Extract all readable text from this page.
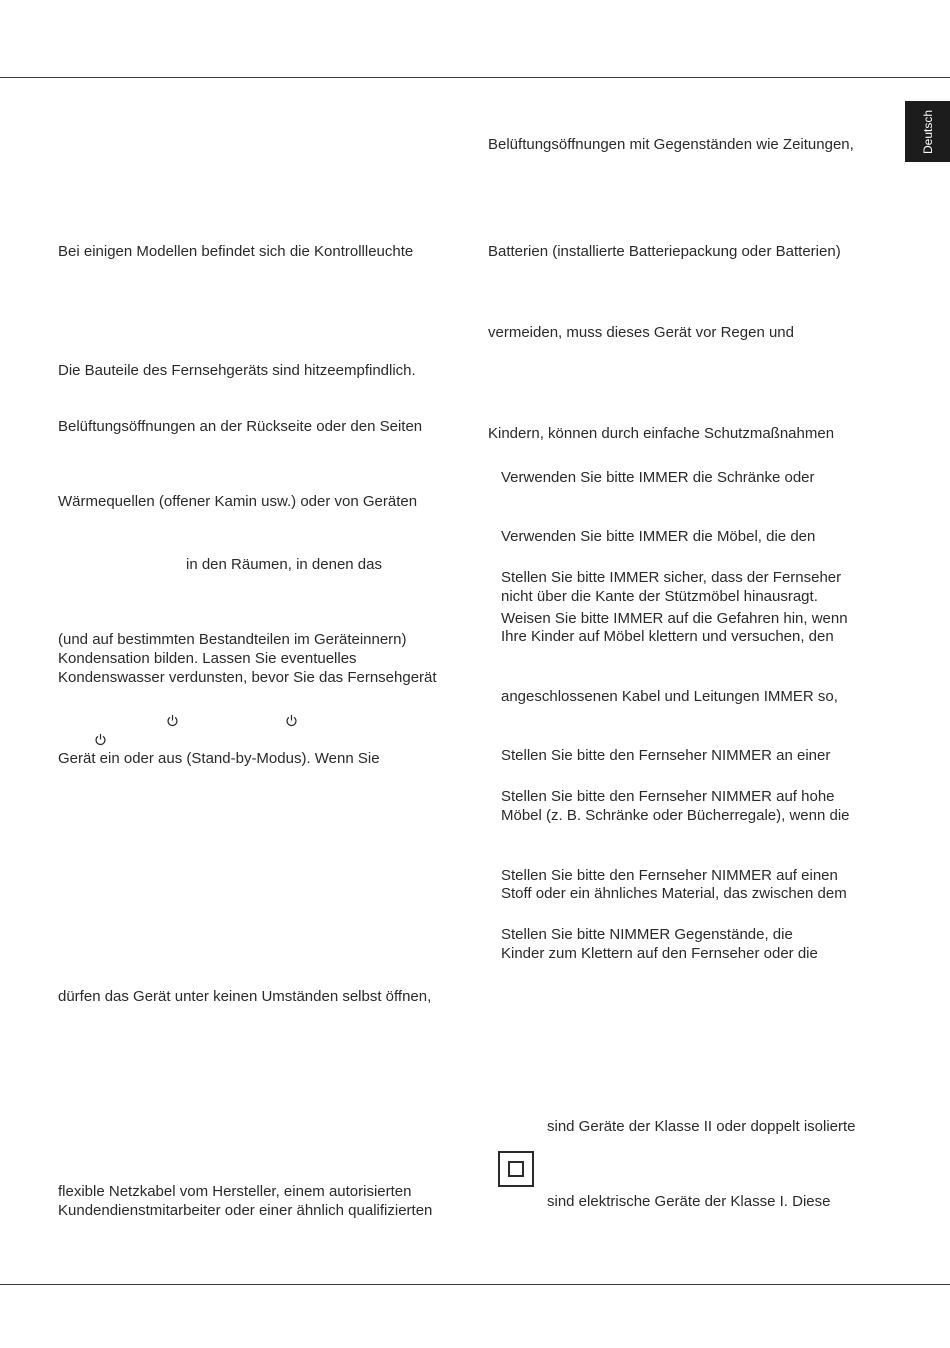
Deutsch

Bei einigen Modellen befindet sich die Kontrollleuchte

Die Bauteile des Fernsehgeräts sind hitzeempfindlich.

Belüftungsöffnungen an der Rückseite oder den Seiten

Wärmequellen (offener Kamin usw.) oder von Geräten

in den Räumen, in denen das

(und auf bestimmten Bestandteilen im Geräteinnern)

Kondensation bilden. Lassen Sie eventuelles

Kondenswasser verdunsten, bevor Sie das Fernsehgerät

Gerät ein oder aus (Stand-by-Modus). Wenn Sie

dürfen das Gerät unter keinen Umständen selbst öffnen,

flexible Netzkabel vom Hersteller, einem autorisierten

Kundendienstmitarbeiter oder einer ähnlich qualifizierten

Belüftungsöffnungen mit Gegenständen wie Zeitungen,

Batterien (installierte Batteriepackung oder Batterien)

vermeiden, muss dieses Gerät vor Regen und

Kindern, können durch einfache Schutzmaßnahmen

Verwenden Sie bitte IMMER die Schränke oder

Verwenden Sie bitte IMMER die Möbel, die den

Stellen Sie bitte IMMER sicher, dass der Fernseher

nicht über die Kante der Stützmöbel hinausragt.

Weisen Sie bitte IMMER auf die Gefahren hin, wenn

Ihre Kinder auf Möbel klettern und versuchen, den

angeschlossenen Kabel und Leitungen IMMER so,

Stellen Sie bitte den Fernseher NIMMER an einer

Stellen Sie bitte den Fernseher NIMMER auf hohe

Möbel (z. B. Schränke oder Bücherregale), wenn die

Stellen Sie bitte den Fernseher NIMMER auf einen

Stoff oder ein ähnliches Material, das zwischen dem

Stellen Sie bitte NIMMER Gegenstände, die

Kinder zum Klettern auf den Fernseher oder die

sind Geräte der Klasse II oder doppelt isolierte

sind elektrische Geräte der Klasse I. Diese
